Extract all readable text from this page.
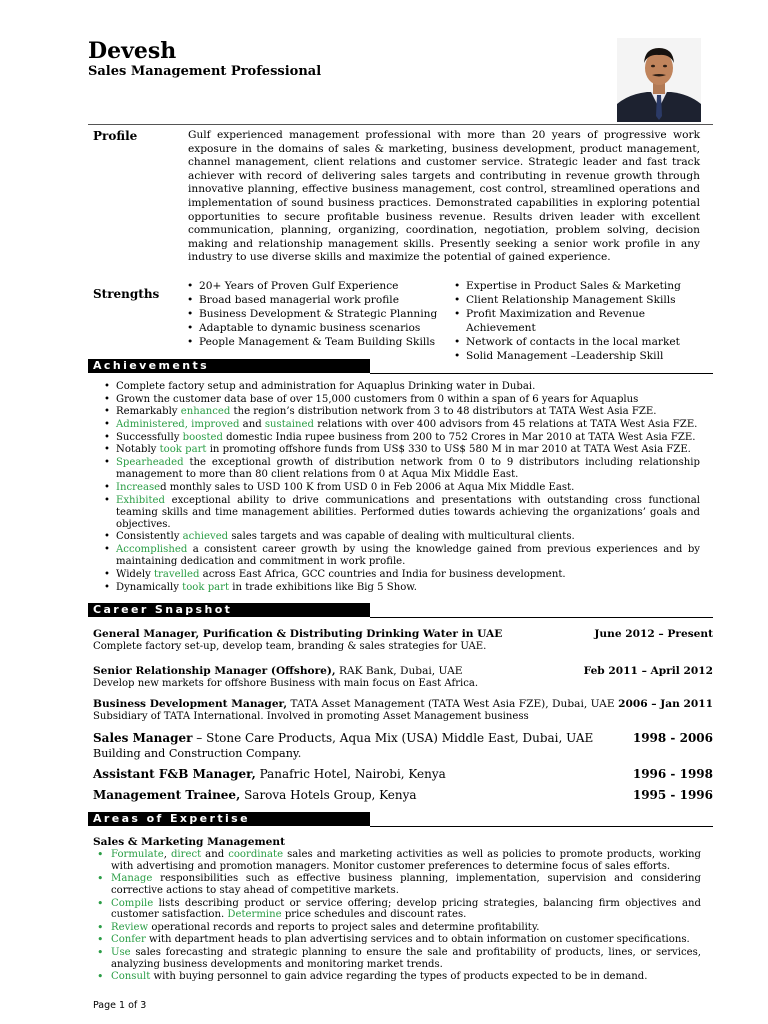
Devesh
Sales Management Professional
Profile	Gulf experienced management professional with more than 20 years of progressive work exposure in the domains of sales & marketing, business development, product management, channel management, client relations and customer service. Strategic leader and fast track achiever with record of delivering sales targets and contributing in revenue growth through innovative planning, effective business management, cost control, streamlined operations and implementation of sound business practices. Demonstrated capabilities in exploring potential opportunities to secure profitable business revenue. Results driven leader with excellent communication, planning, organizing, coordination, negotiation, problem solving, decision making and relationship management skills. Presently seeking a senior work profile in any industry to use diverse skills and maximize the potential of gained experience.
Strengths
• 20+ Years of Proven Gulf Experience
• Broad based managerial work profile
• Business Development & Strategic Planning
• Adaptable to dynamic business scenarios
• People Management & Team Building Skills
• Expertise in Product Sales & Marketing
• Client Relationship Management Skills
• Profit Maximization and Revenue Achievement
• Network of contacts in the local market
• Solid Management –Leadership Skill
Achievements
• Complete factory setup and administration for Aquaplus Drinking water in Dubai.
• Grown the customer data base of over 15,000 customers from 0 within a span of 6 years for Aquaplus
• Remarkably enhanced the region’s distribution network from 3 to 48 distributors at TATA West Asia FZE.
• Administered, improved and sustained relations with over 400 advisors from 45 relations at TATA West Asia FZE.
• Successfully boosted domestic India rupee business from 200 to 752 Crores in Mar 2010 at TATA West Asia FZE.
• Notably took part in promoting offshore funds from US$ 330 to US$ 580 M in mar 2010 at TATA West Asia FZE.
• Spearheaded the exceptional growth of distribution network from 0 to 9 distributors including relationship management to more than 80 client relations from 0 at Aqua Mix Middle East.
• Increased monthly sales to USD 100 K from USD 0 in Feb 2006 at Aqua Mix Middle East.
• Exhibited exceptional ability to drive communications and presentations with outstanding cross functional teaming skills and time management abilities. Performed duties towards achieving the organizations’ goals and objectives.
• Consistently achieved sales targets and was capable of dealing with multicultural clients.
• Accomplished a consistent career growth by using the knowledge gained from previous experiences and by maintaining dedication and commitment in work profile.
• Widely travelled across East Africa, GCC countries and India for business development.
• Dynamically took part in trade exhibitions like Big 5 Show.
Career Snapshot
General Manager, Purification & Distributing Drinking Water in UAE	June 2012 – Present
Complete factory set-up, develop team, branding & sales strategies for UAE.
Senior Relationship Manager (Offshore), RAK Bank, Dubai, UAE	Feb 2011 – April 2012
Develop new markets for offshore Business with main focus on East Africa.
Business Development Manager, TATA Asset Management (TATA West Asia FZE), Dubai, UAE 2006 – Jan 2011
Subsidiary of TATA International. Involved in promoting Asset Management business
Sales Manager – Stone Care Products, Aqua Mix (USA) Middle East, Dubai, UAE	1998 - 2006
Building and Construction Company.
Assistant F&B Manager, Panafric Hotel, Nairobi, Kenya	1996 - 1998
Management Trainee, Sarova Hotels Group, Kenya	1995 - 1996
Areas of Expertise
Sales & Marketing Management
• Formulate, direct and coordinate sales and marketing activities as well as policies to promote products, working with advertising and promotion managers. Monitor customer preferences to determine focus of sales efforts.
• Manage responsibilities such as effective business planning, implementation, supervision and considering corrective actions to stay ahead of competitive markets.
• Compile lists describing product or service offering; develop pricing strategies, balancing firm objectives and customer satisfaction. Determine price schedules and discount rates.
• Review operational records and reports to project sales and determine profitability.
• Confer with department heads to plan advertising services and to obtain information on customer specifications.
• Use sales forecasting and strategic planning to ensure the sale and profitability of products, lines, or services, analyzing business developments and monitoring market trends.
• Consult with buying personnel to gain advice regarding the types of products expected to be in demand.
Page 1 of 3
